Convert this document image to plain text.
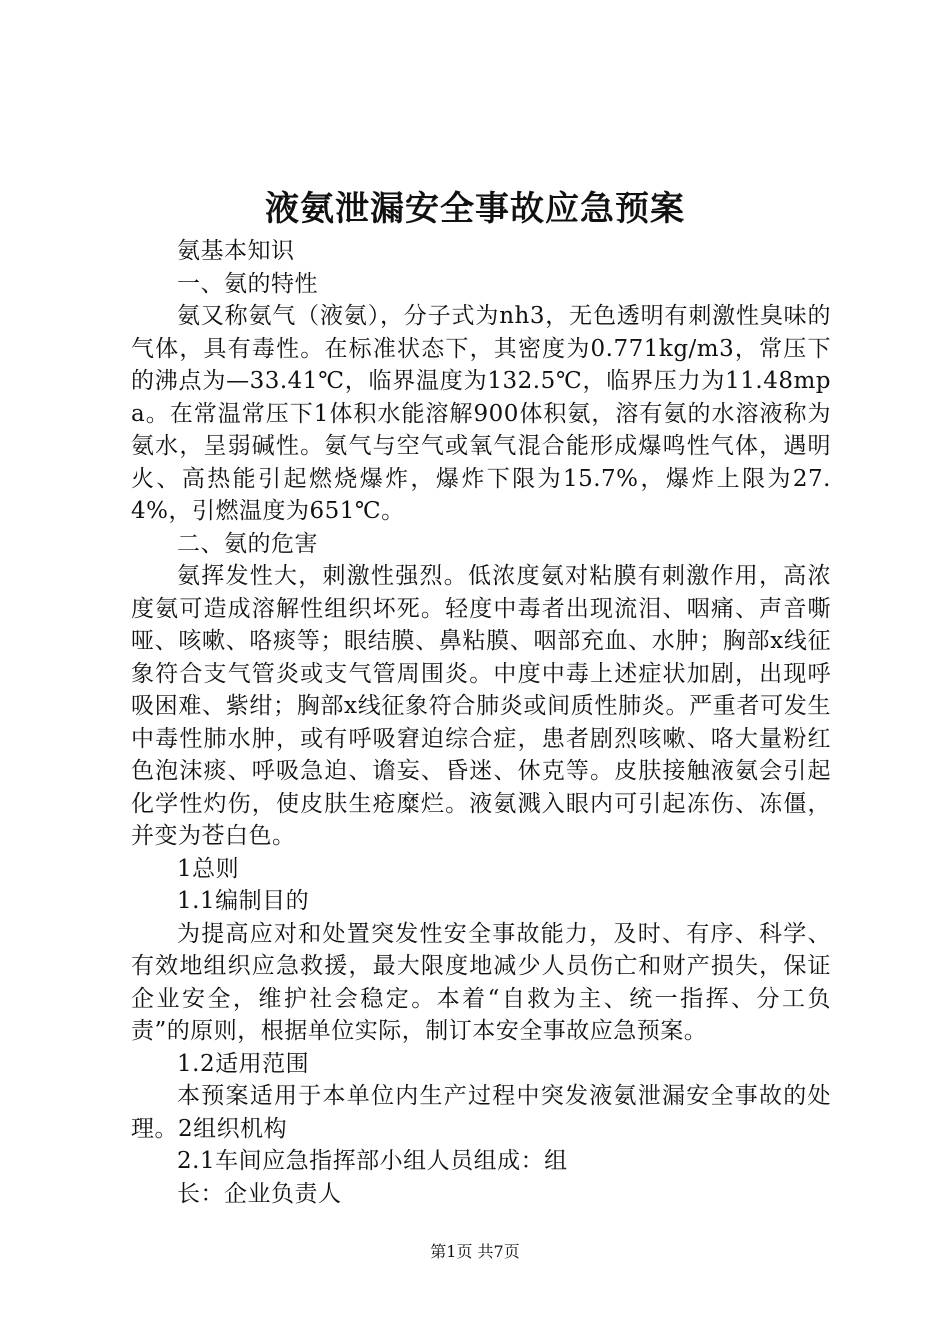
液氨泄漏安全事故应急预案

氨基本知识

一、氨的特性

氨又称氨气（液氨），分子式为nh3，无色透明有刺激性臭味的气体，具有毒性。在标准状态下，其密度为0.771kg/m3，常压下的沸点为—33.41℃，临界温度为132.5℃，临界压力为11.48mpa。在常温常压下1体积水能溶解900体积氨，溶有氨的水溶液称为氨水，呈弱碱性。氨气与空气或氧气混合能形成爆鸣性气体，遇明火、高热能引起燃烧爆炸，爆炸下限为15.7%，爆炸上限为27.4%，引燃温度为651℃。

二、氨的危害

氨挥发性大，刺激性强烈。低浓度氨对粘膜有刺激作用，高浓度氨可造成溶解性组织坏死。轻度中毒者出现流泪、咽痛、声音嘶哑、咳嗽、咯痰等；眼结膜、鼻粘膜、咽部充血、水肿；胸部x线征象符合支气管炎或支气管周围炎。中度中毒上述症状加剧，出现呼吸困难、紫绀；胸部x线征象符合肺炎或间质性肺炎。严重者可发生中毒性肺水肿，或有呼吸窘迫综合症，患者剧烈咳嗽、咯大量粉红色泡沫痰、呼吸急迫、谵妄、昏迷、休克等。皮肤接触液氨会引起化学性灼伤，使皮肤生疮糜烂。液氨溅入眼内可引起冻伤、冻僵，并变为苍白色。

1总则

1.1编制目的

为提高应对和处置突发性安全事故能力，及时、有序、科学、有效地组织应急救援，最大限度地减少人员伤亡和财产损失，保证企业安全，维护社会稳定。本着“自救为主、统一指挥、分工负责”的原则，根据单位实际，制订本安全事故应急预案。

1.2适用范围

本预案适用于本单位内生产过程中突发液氨泄漏安全事故的处理。2组织机构

2.1车间应急指挥部小组人员组成：组

长：企业负责人

第1页 共7页
